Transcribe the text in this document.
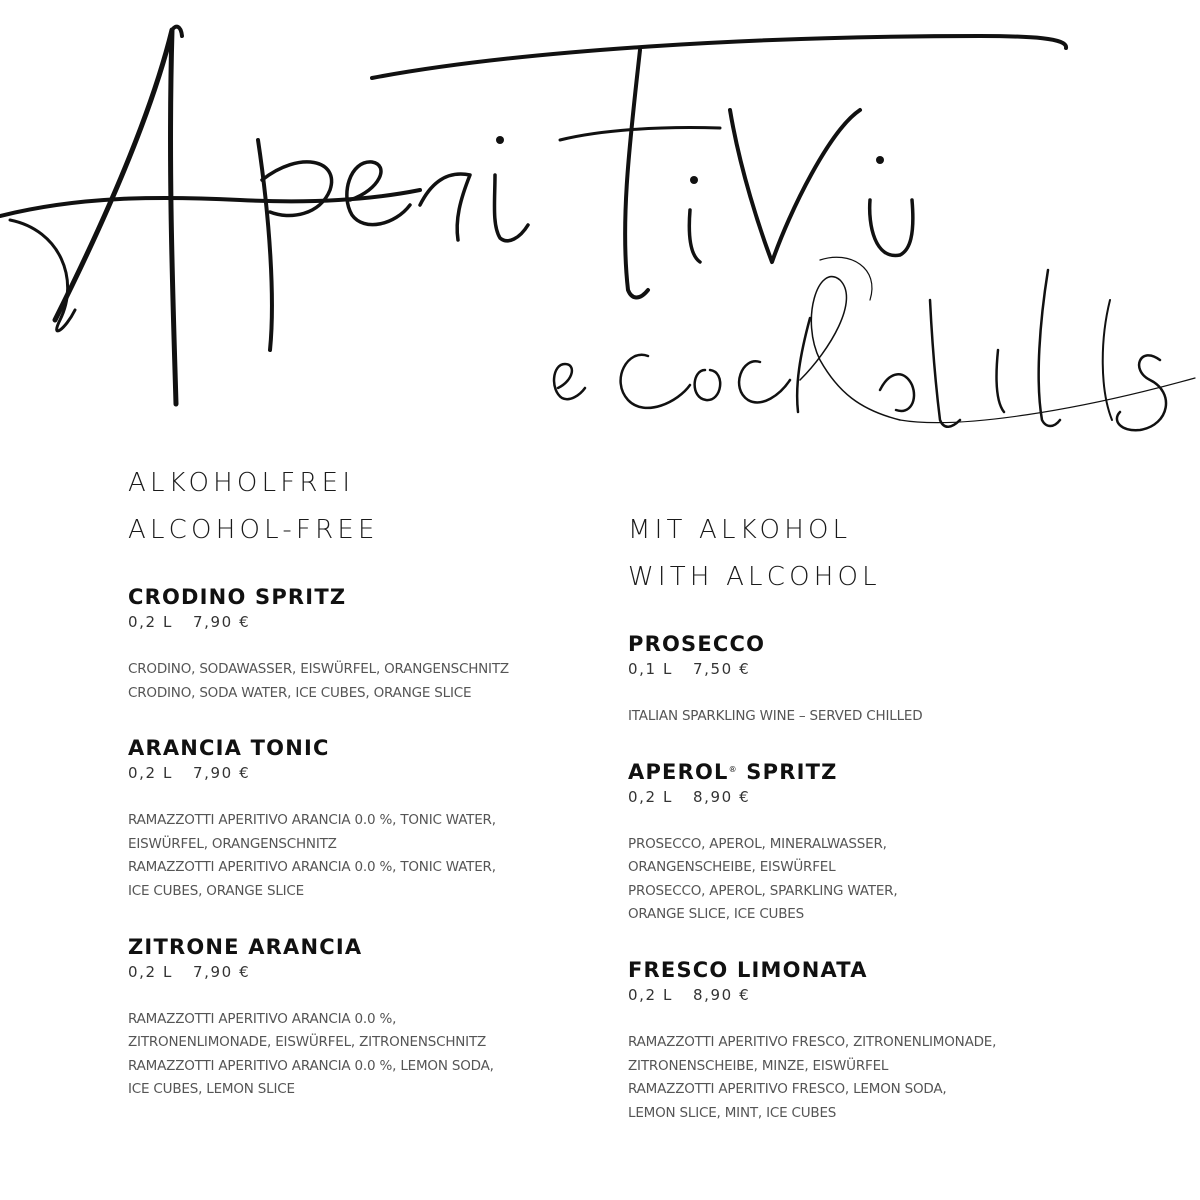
ALKOHOLFREI
ALCOHOL-FREE

CRODINO SPRITZ

0,2 L 7,90 €

CRODINO, SODAWASSER, EISWÜRFEL, ORANGENSCHNITZ
CRODINO, SODA WATER, ICE CUBES, ORANGE SLICE

ARANCIA TONIC

0,2 L 7,90 €

RAMAZZOTTI APERITIVO ARANCIA 0.0 %, TONIC WATER,
EISWÜRFEL, ORANGENSCHNITZ
RAMAZZOTTI APERITIVO ARANCIA 0.0 %, TONIC WATER,
ICE CUBES, ORANGE SLICE

ZITRONE ARANCIA

0,2 L 7,90 €

RAMAZZOTTI APERITIVO ARANCIA 0.0 %,
ZITRONENLIMONADE, EISWÜRFEL, ZITRONENSCHNITZ
RAMAZZOTTI APERITIVO ARANCIA 0.0 %, LEMON SODA,
ICE CUBES, LEMON SLICE
MIT ALKOHOL
WITH ALCOHOL

PROSECCO

0,1 L 7,50 €

ITALIAN SPARKLING WINE – SERVED CHILLED

APEROL® SPRITZ

0,2 L 8,90 €

PROSECCO, APEROL, MINERALWASSER,
ORANGENSCHEIBE, EISWÜRFEL
PROSECCO, APEROL, SPARKLING WATER,
ORANGE SLICE, ICE CUBES

FRESCO LIMONATA

0,2 L 8,90 €

RAMAZZOTTI APERITIVO FRESCO, ZITRONENLIMONADE,
ZITRONENSCHEIBE, MINZE, EISWÜRFEL
RAMAZZOTTI APERITIVO FRESCO, LEMON SODA,
LEMON SLICE, MINT, ICE CUBES
